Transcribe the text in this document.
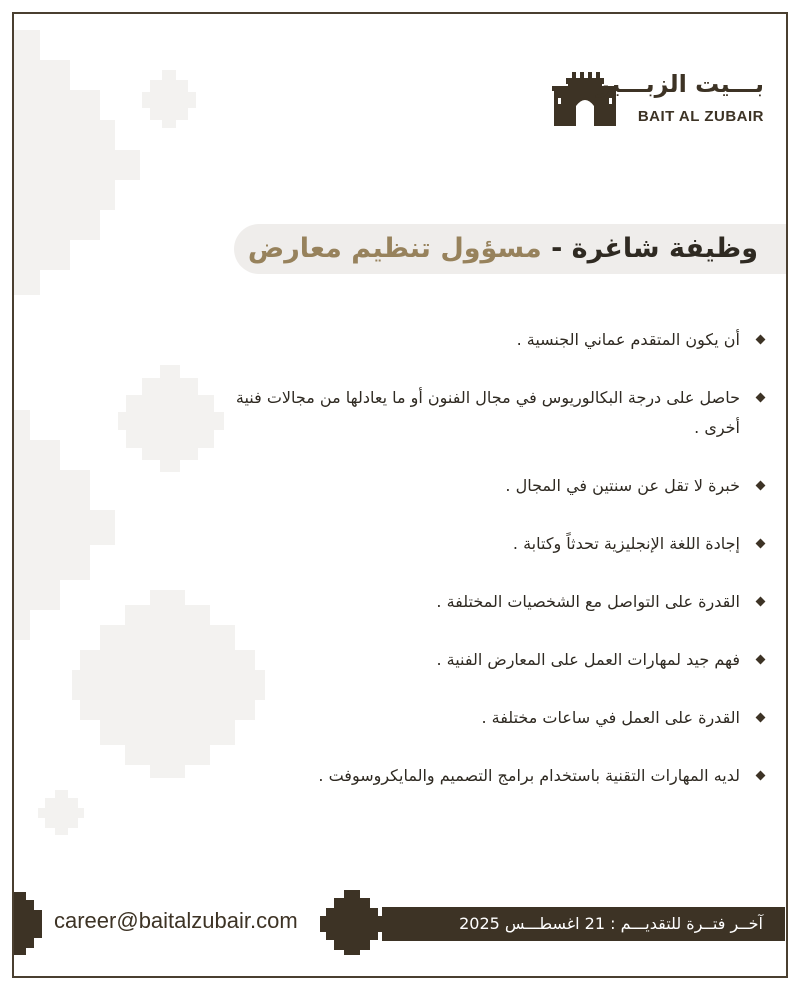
بـــيت الزبـــير
BAIT AL ZUBAIR
وظيفة شاغرة - مسؤول تنظيم معارض
أن يكون المتقدم عماني الجنسية .
حاصل على درجة البكالوريوس في مجال الفنون أو ما يعادلها من مجالات فنية أخرى .
خبرة لا تقل عن سنتين في المجال .
إجادة اللغة الإنجليزية تحدثاً وكتابة .
القدرة على التواصل مع الشخصيات المختلفة .
فهم جيد لمهارات العمل على المعارض الفنية .
القدرة على العمل في ساعات مختلفة .
لديه المهارات التقنية باستخدام برامج التصميم والمايكروسوفت .
career@baitalzubair.com	آخــر فتــرة للتقديـــم : 21 اغسطـــس 2025
